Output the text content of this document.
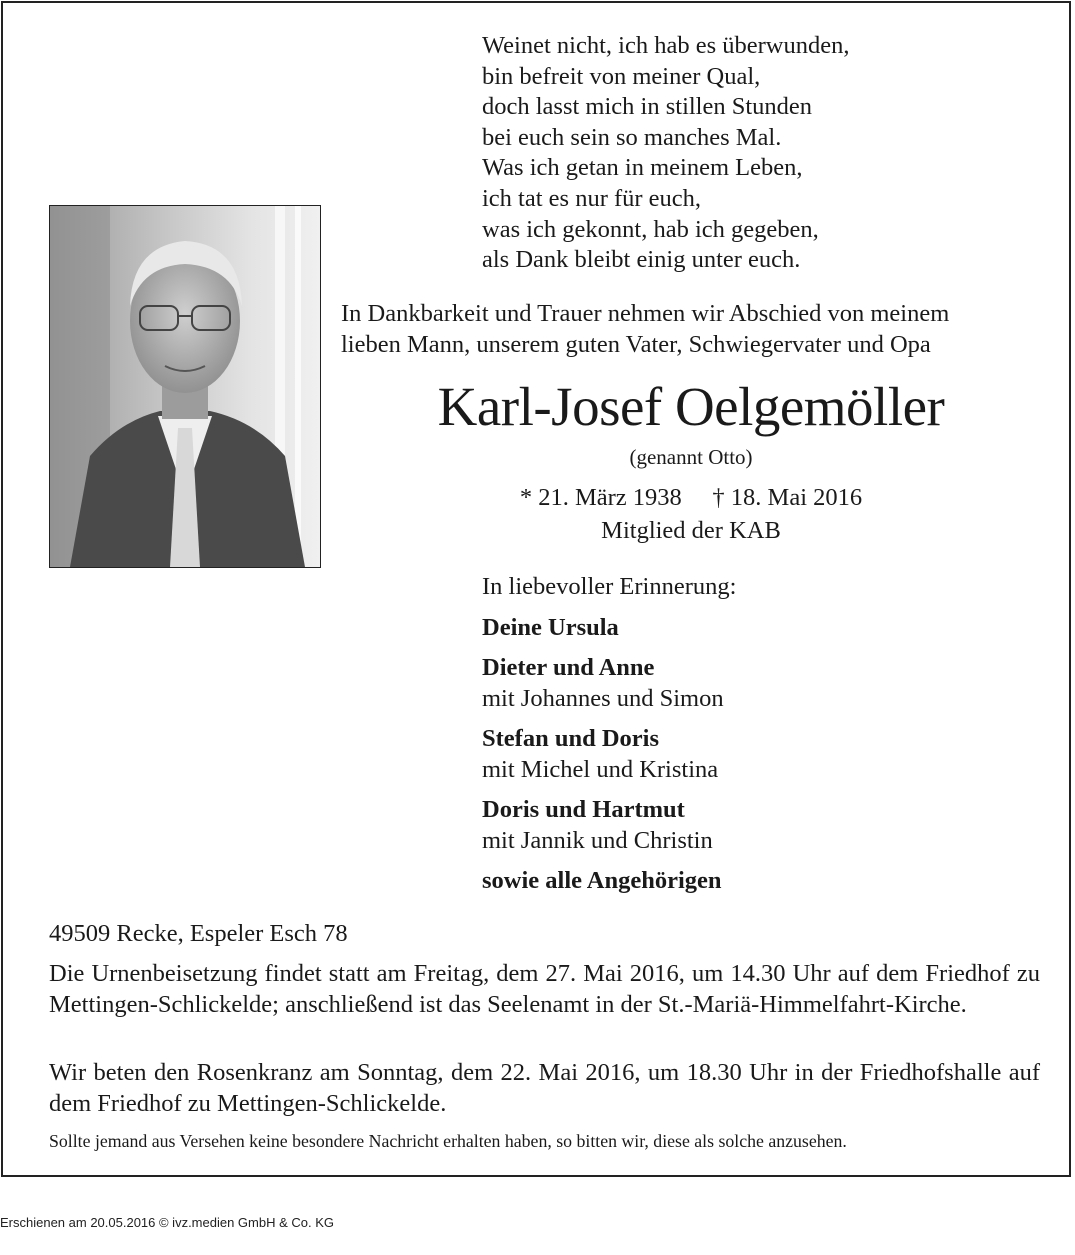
Weinet nicht, ich hab es überwunden,
bin befreit von meiner Qual,
doch lasst mich in stillen Stunden
bei euch sein so manches Mal.
Was ich getan in meinem Leben,
ich tat es nur für euch,
was ich gekonnt, hab ich gegeben,
als Dank bleibt einig unter euch.
In Dankbarkeit und Trauer nehmen wir Abschied von meinem
lieben Mann, unserem guten Vater, Schwiegervater und Opa
Karl-Josef Oelgemöller
(genannt Otto)
* 21. März 1938 † 18. Mai 2016
Mitglied der KAB
In liebevoller Erinnerung:
Deine Ursula
Dieter und Anne
mit Johannes und Simon
Stefan und Doris
mit Michel und Kristina
Doris und Hartmut
mit Jannik und Christin
sowie alle Angehörigen
49509 Recke, Espeler Esch 78
Die Urnenbeisetzung findet statt am Freitag, dem 27. Mai 2016, um 14.30 Uhr auf dem Friedhof zu Mettingen-Schlickelde; anschließend ist das Seelenamt in der St.-Mariä-Himmelfahrt-Kirche.
Wir beten den Rosenkranz am Sonntag, dem 22. Mai 2016, um 18.30 Uhr in der Friedhofshalle auf dem Friedhof zu Mettingen-Schlickelde.
Sollte jemand aus Versehen keine besondere Nachricht erhalten haben, so bitten wir, diese als solche anzusehen.
Erschienen am 20.05.2016 © ivz.medien GmbH & Co. KG
